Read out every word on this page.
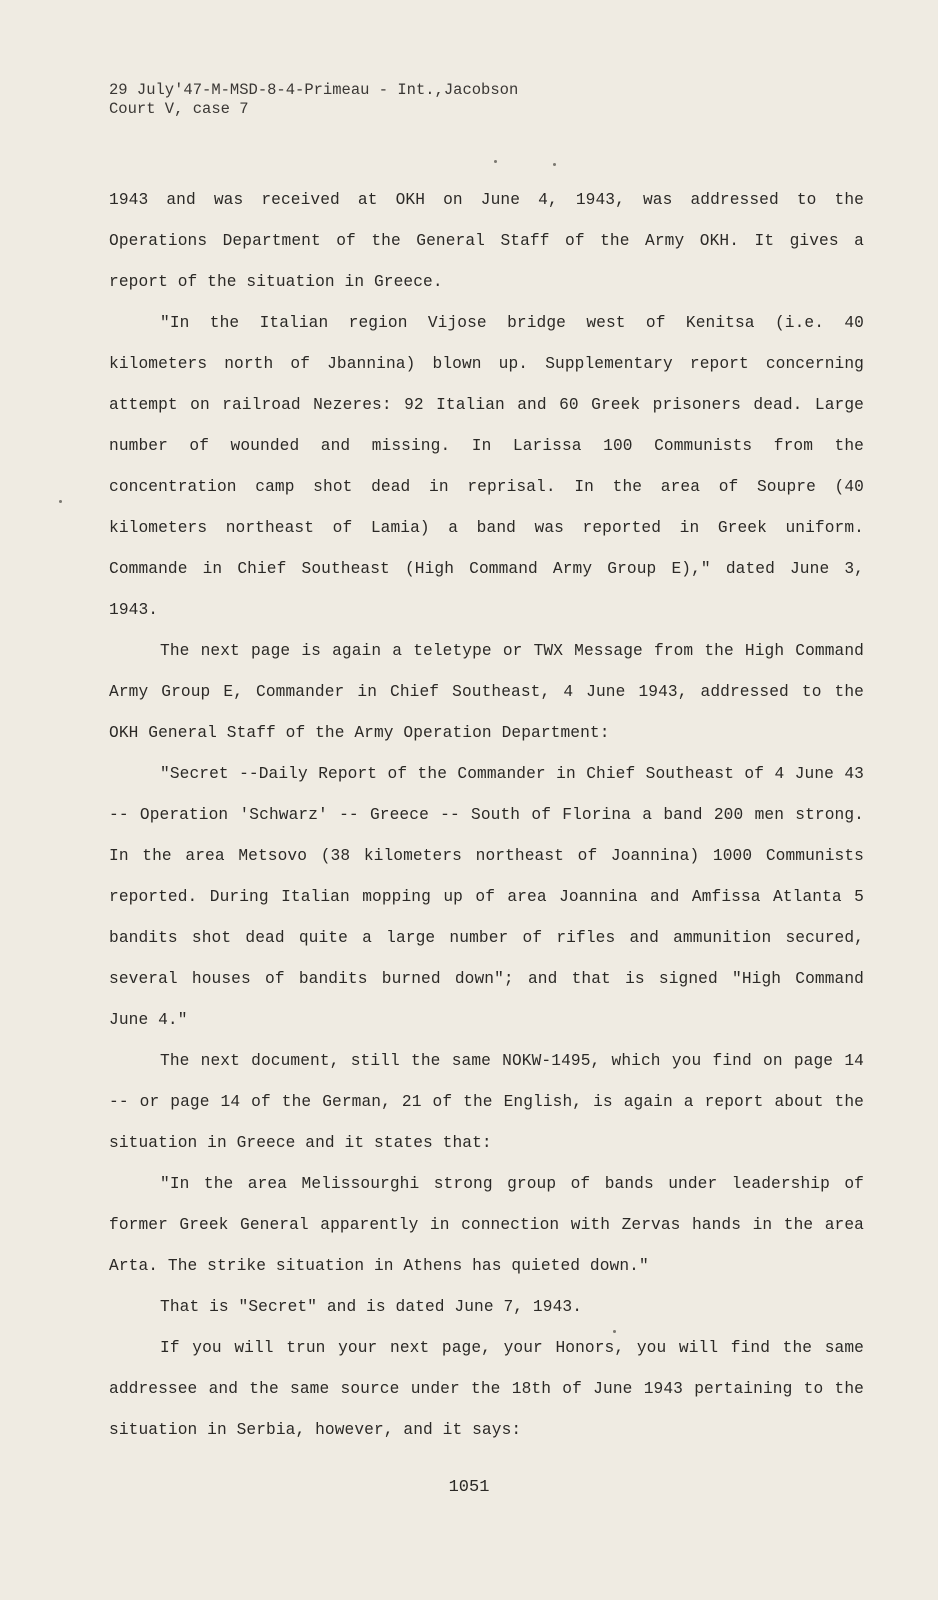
29 July'47-M-MSD-8-4-Primeau - Int.,Jacobson
Court V, case 7

1943 and was received at OKH on June 4, 1943, was addressed to the Operations Department of the General Staff of the Army OKH. It gives a report of the situation in Greece.

"In the Italian region Vijose bridge west of Kenitsa (i.e. 40 kilometers north of Jbannina) blown up. Supplementary report concerning attempt on railroad Nezeres: 92 Italian and 60 Greek prisoners dead. Large number of wounded and missing. In Larissa 100 Communists from the concentration camp shot dead in reprisal. In the area of Soupre (40 kilometers northeast of Lamia) a band was reported in Greek uniform. Commande in Chief Southeast (High Command Army Group E)," dated June 3, 1943.

The next page is again a teletype or TWX Message from the High Command Army Group E, Commander in Chief Southeast, 4 June 1943, addressed to the OKH General Staff of the Army Operation Department:

"Secret --Daily Report of the Commander in Chief Southeast of 4 June 43 -- Operation 'Schwarz' -- Greece -- South of Florina a band 200 men strong. In the area Metsovo (38 kilometers northeast of Joannina) 1000 Communists reported. During Italian mopping up of area Joannina and Amfissa Atlanta 5 bandits shot dead quite a large number of rifles and ammunition secured, several houses of bandits burned down"; and that is signed "High Command June 4."

The next document, still the same NOKW-1495, which you find on page 14 -- or page 14 of the German, 21 of the English, is again a report about the situation in Greece and it states that:

"In the area Melissourghi strong group of bands under leadership of former Greek General apparently in connection with Zervas hands in the area Arta. The strike situation in Athens has quieted down."

That is "Secret" and is dated June 7, 1943.

If you will trun your next page, your Honors, you will find the same addressee and the same source under the 18th of June 1943 pertaining to the situation in Serbia, however, and it says:

1051
